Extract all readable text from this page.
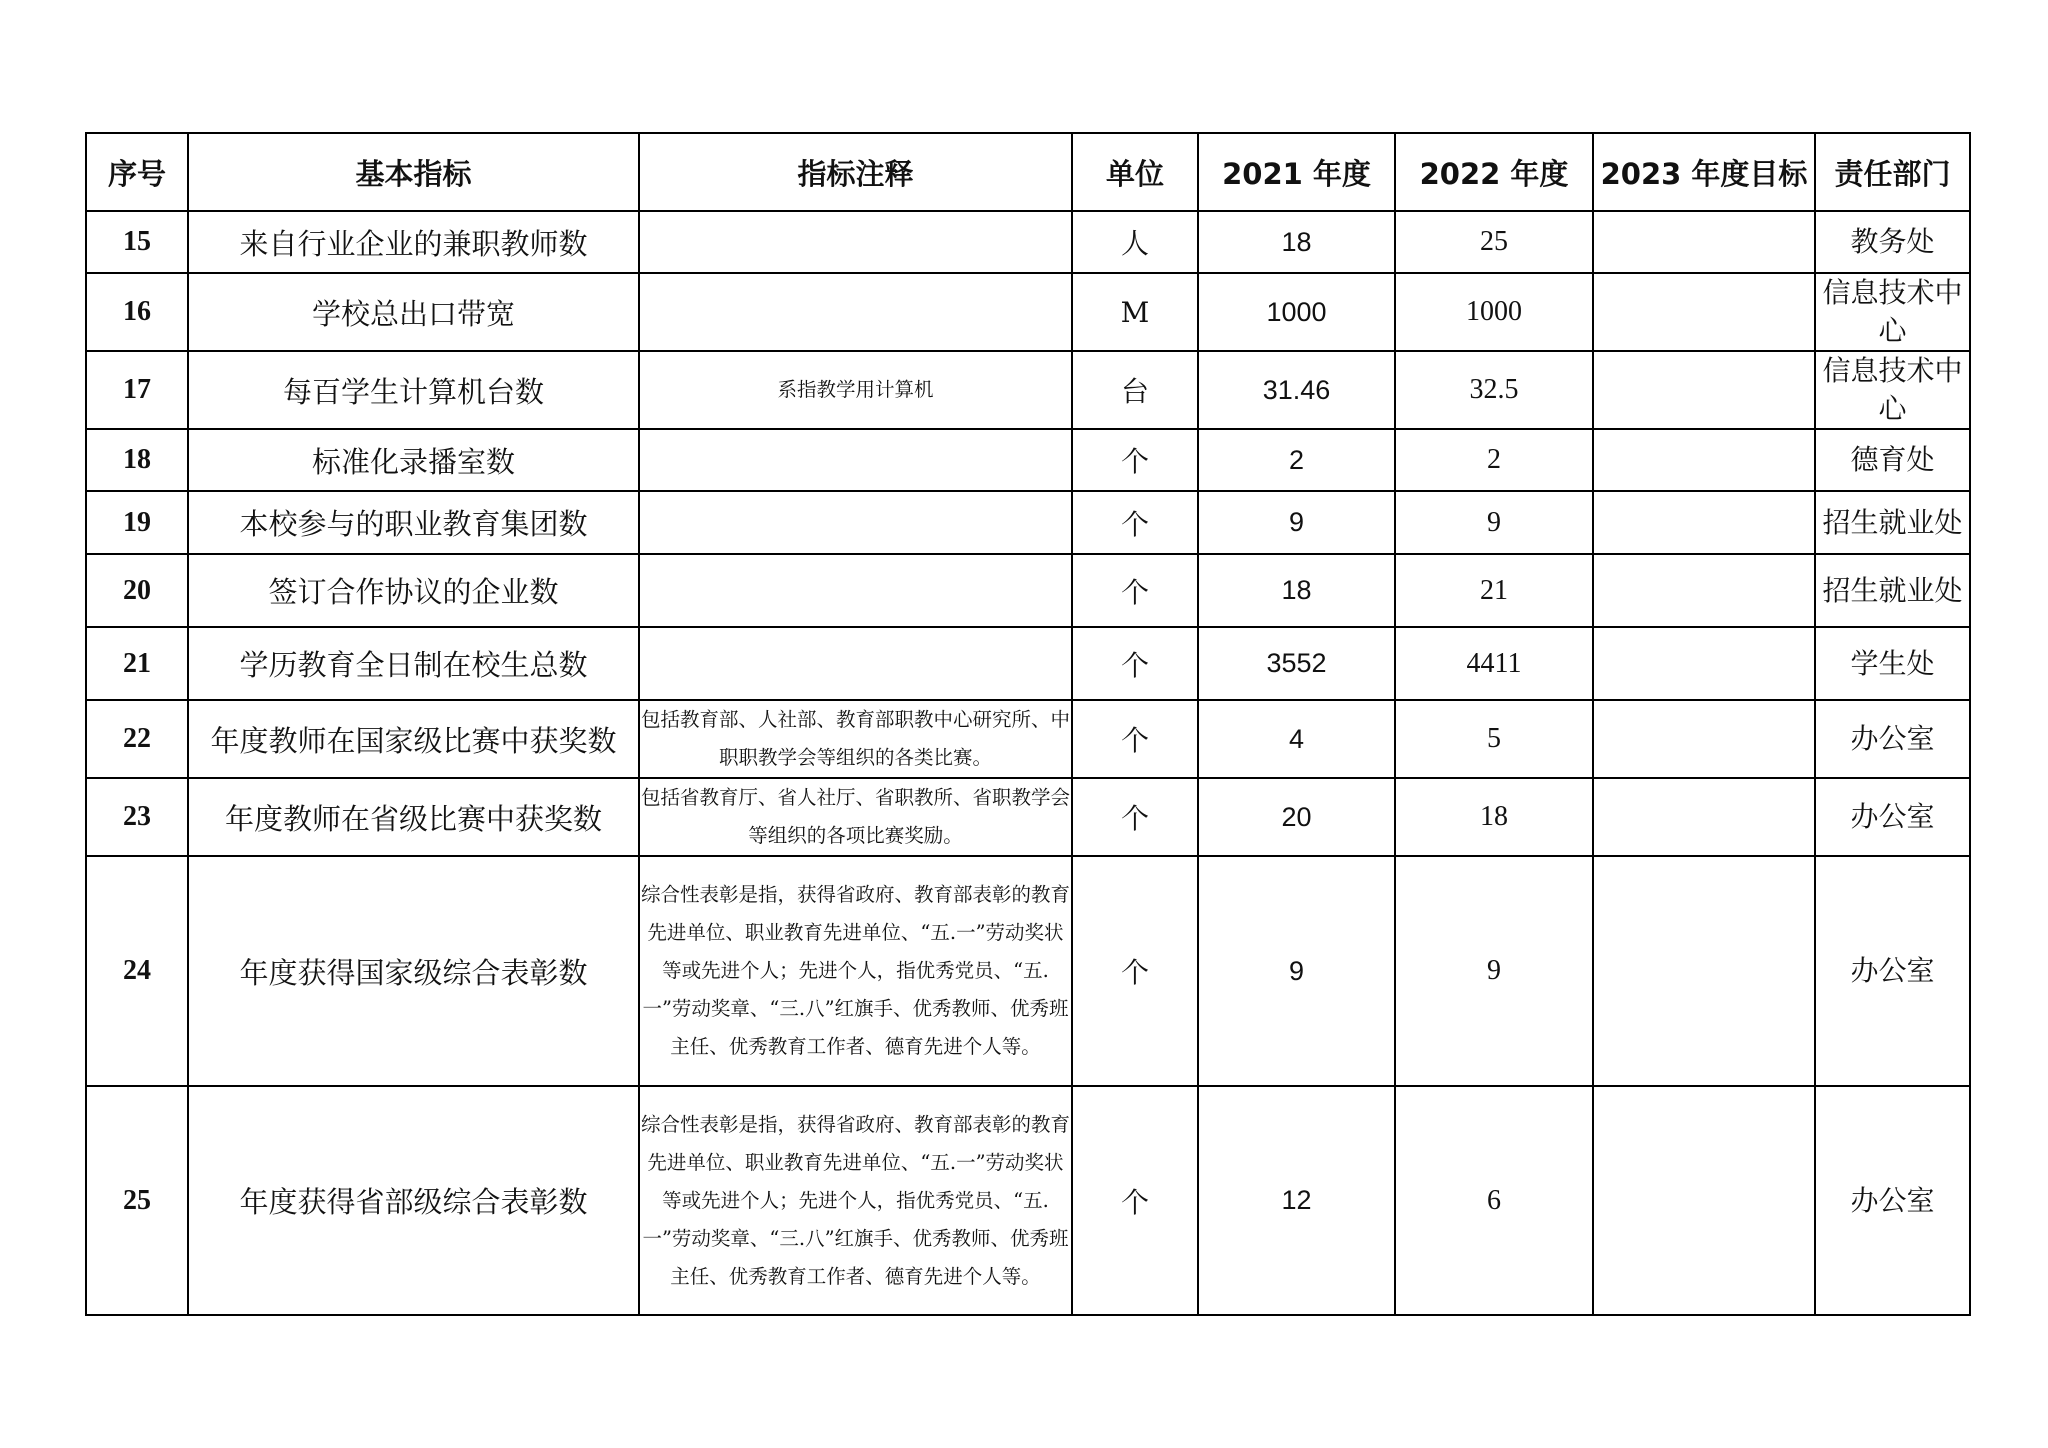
序号	基本指标	指标注释	单位	2021 年度	2022 年度	2023 年度目标	责任部门
15	来自行业企业的兼职教师数		人	18	25		教务处
16	学校总出口带宽		M	1000	1000		信息技术中心
17	每百学生计算机台数	系指教学用计算机	台	31.46	32.5		信息技术中心
18	标准化录播室数		个	2	2		德育处
19	本校参与的职业教育集团数		个	9	9		招生就业处
20	签订合作协议的企业数		个	18	21		招生就业处
21	学历教育全日制在校生总数		个	3552	4411		学生处
22	年度教师在国家级比赛中获奖数	包括教育部、人社部、教育部职教中心研究所、中职职教学会等组织的各类比赛。	个	4	5		办公室
23	年度教师在省级比赛中获奖数	包括省教育厅、省人社厅、省职教所、省职教学会等组织的各项比赛奖励。	个	20	18		办公室
24	年度获得国家级综合表彰数	综合性表彰是指，获得省政府、教育部表彰的教育先进单位、职业教育先进单位、“五.一”劳动奖状等或先进个人；先进个人，指优秀党员、“五.一”劳动奖章、“三.八”红旗手、优秀教师、优秀班主任、优秀教育工作者、德育先进个人等。	个	9	9		办公室
25	年度获得省部级综合表彰数	综合性表彰是指，获得省政府、教育部表彰的教育先进单位、职业教育先进单位、“五.一”劳动奖状等或先进个人；先进个人，指优秀党员、“五.一”劳动奖章、“三.八”红旗手、优秀教师、优秀班主任、优秀教育工作者、德育先进个人等。	个	12	6		办公室
